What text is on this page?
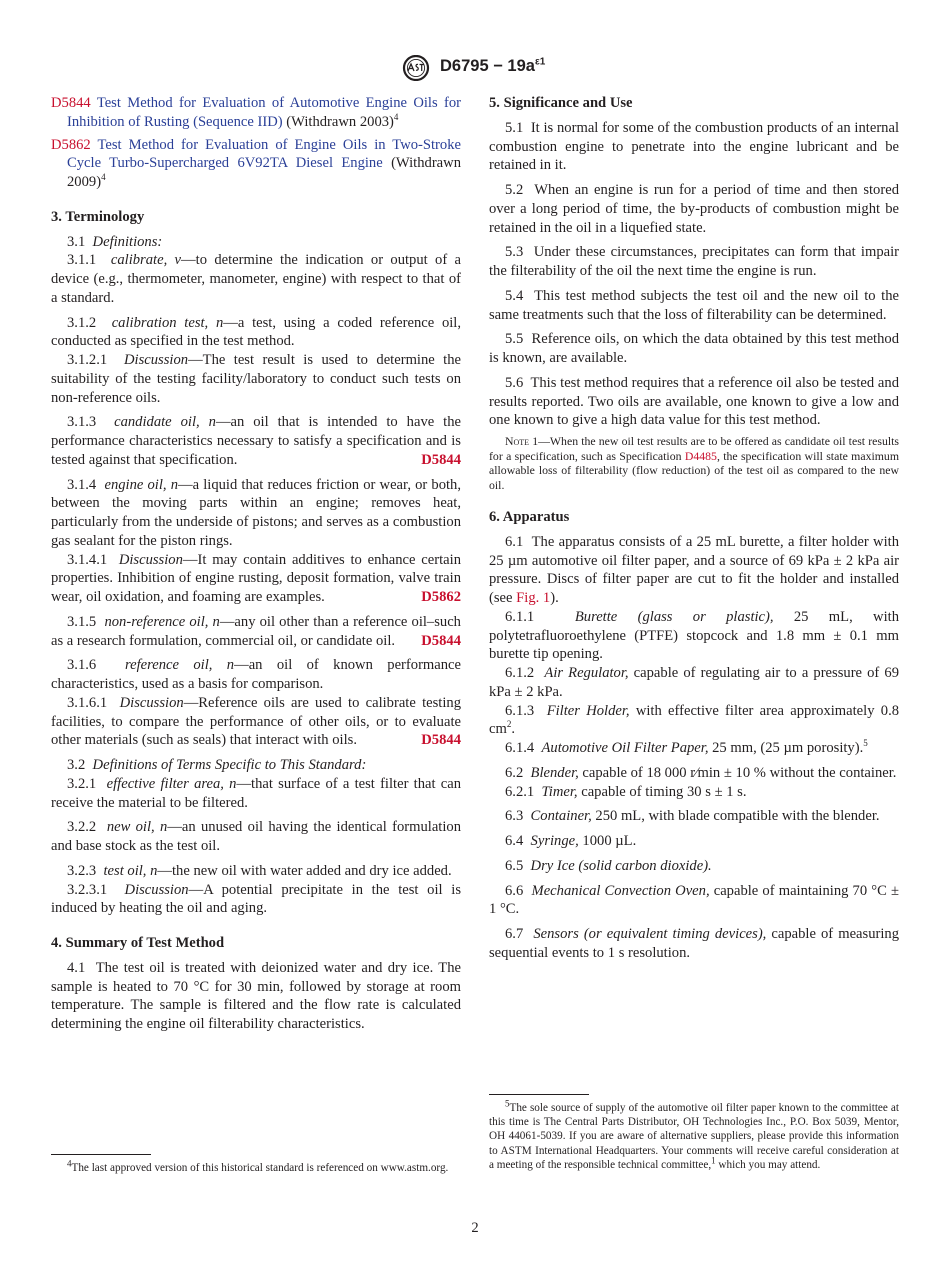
$D6795 - 19a^{\varepsilon 1}$

D5844 Test Method for Evaluation of Automotive Engine Oils for Inhibition of Rusting (Sequence IID) (Withdrawn 2003)$^4$

D5862 Test Method for Evaluation of Engine Oils in Two-Stroke Cycle Turbo-Supercharged 6V92TA Diesel Engine (Withdrawn 2009)$^4$

3. Terminology

3.1 Definitions:

3.1.1 calibrate, v—to determine the indication or output of a device (e.g., thermometer, manometer, engine) with respect to that of a standard.

3.1.2 calibration test, n—a test, using a coded reference oil, conducted as specified in the test method.

3.1.2.1 Discussion—The test result is used to determine the suitability of the testing facility/laboratory to conduct such tests on non-reference oils.

3.1.3 candidate oil, n—an oil that is intended to have the performance characteristics necessary to satisfy a specification and is tested against that specification.	D5844

3.1.4 engine oil, n—a liquid that reduces friction or wear, or both, between the moving parts within an engine; removes heat, particularly from the underside of pistons; and serves as a combustion gas sealant for the piston rings.

3.1.4.1 Discussion—It may contain additives to enhance certain properties. Inhibition of engine rusting, deposit formation, valve train wear, oil oxidation, and foaming are examples.	D5862

3.1.5 non-reference oil, n—any oil other than a reference oil–such as a research formulation, commercial oil, or candidate oil.	D5844

3.1.6 reference oil, n—an oil of known performance characteristics, used as a basis for comparison.

3.1.6.1 Discussion—Reference oils are used to calibrate testing facilities, to compare the performance of other oils, or to evaluate other materials (such as seals) that interact with oils.	D5844

3.2 Definitions of Terms Specific to This Standard:

3.2.1 effective filter area, n—that surface of a test filter that can receive the material to be filtered.

3.2.2 new oil, n—an unused oil having the identical formulation and base stock as the test oil.

3.2.3 test oil, n—the new oil with water added and dry ice added.

3.2.3.1 Discussion—A potential precipitate in the test oil is induced by heating the oil and aging.

4. Summary of Test Method

4.1 The test oil is treated with deionized water and dry ice. The sample is heated to 70 °C for 30 min, followed by storage at room temperature. The sample is filtered and the flow rate is calculated determining the engine oil filterability characteristics.

$^4$The last approved version of this historical standard is referenced on www.astm.org.

5. Significance and Use

5.1 It is normal for some of the combustion products of an internal combustion engine to penetrate into the engine lubricant and be retained in it.

5.2 When an engine is run for a period of time and then stored over a long period of time, the by-products of combustion might be retained in the oil in a liquefied state.

5.3 Under these circumstances, precipitates can form that impair the filterability of the oil the next time the engine is run.

5.4 This test method subjects the test oil and the new oil to the same treatments such that the loss of filterability can be determined.

5.5 Reference oils, on which the data obtained by this test method is known, are available.

5.6 This test method requires that a reference oil also be tested and results reported. Two oils are available, one known to give a low and one known to give a high data value for this test method.

Note 1—When the new oil test results are to be offered as candidate oil test results for a specification, such as Specification D4485, the specification will state maximum allowable loss of filterability (flow reduction) of the test oil as compared to the new oil.

6. Apparatus

6.1 The apparatus consists of a 25 mL burette, a filter holder with 25 µm automotive oil filter paper, and a source of 69 kPa ± 2 kPa air pressure. Discs of filter paper are cut to fit the holder and installed (see Fig. 1).

6.1.1	Burette (glass or plastic), 25 mL, with polytetrafluoroethylene (PTFE) stopcock and 1.8 mm ± 0.1 mm burette tip opening.

6.1.2 Air Regulator, capable of regulating air to a pressure of 69 kPa ± 2 kPa.

6.1.3 Filter Holder, with effective filter area approximately 0.8 $cm^2$.

6.1.4 Automotive Oil Filter Paper, 25 mm, (25 µm porosity).$^5$

6.2 Blender, capable of 18 000 r⁄min ± 10 % without the container.

6.2.1 Timer, capable of timing 30 s ± 1 s.

6.3 Container, 250 mL, with blade compatible with the blender.

6.4 Syringe, 1000 µL.

6.5 Dry Ice (solid carbon dioxide).

6.6 Mechanical Convection Oven, capable of maintaining 70 °C ± 1 °C.

6.7 Sensors (or equivalent timing devices), capable of measuring sequential events to 1 s resolution.

$^5$The sole source of supply of the automotive oil filter paper known to the committee at this time is The Central Parts Distributor, OH Technologies Inc., P.O. Box 5039, Mentor, OH 44061-5039. If you are aware of alternative suppliers, please provide this information to ASTM International Headquarters. Your comments will receive careful consideration at a meeting of the responsible technical committee,$^1$ which you may attend.

2
